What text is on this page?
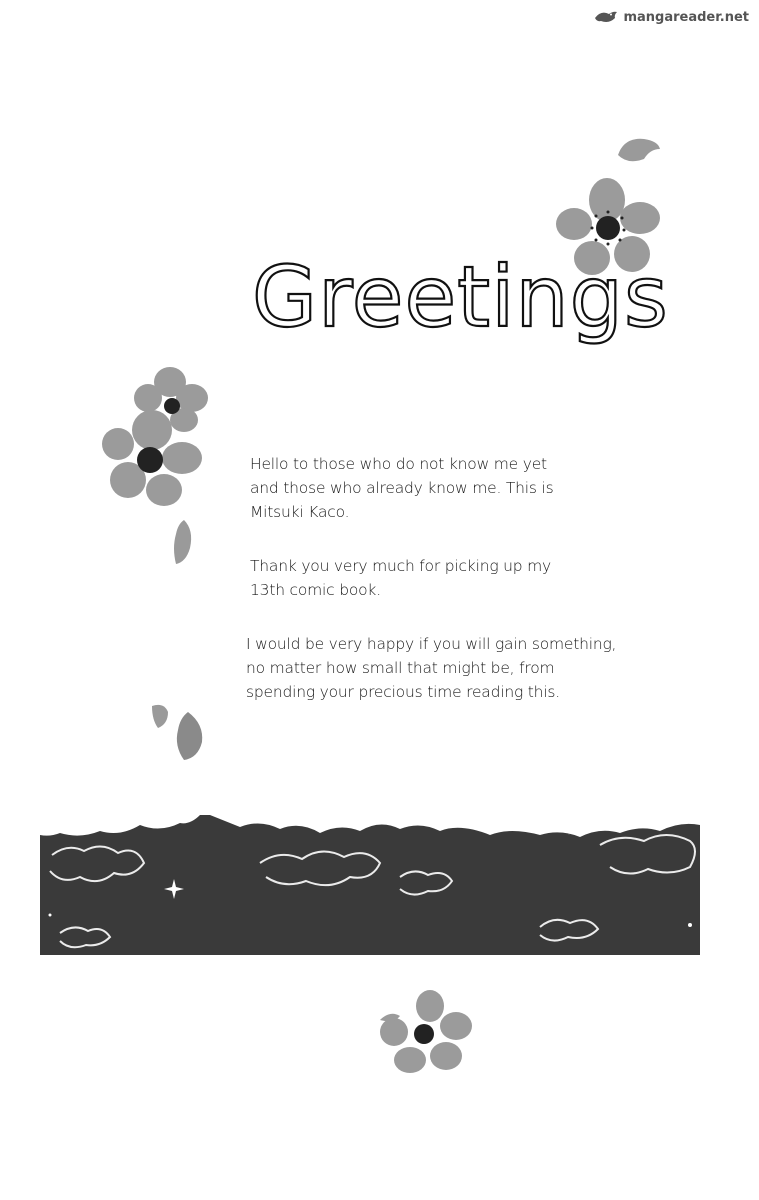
mangareader.net
Greetings

Hello to those who do not know me yet
and those who already know me. This is
Mitsuki Kaco.

Thank you very much for picking up my
13th comic book.

I would be very happy if you will gain something,
no matter how small that might be, from
spending your precious time reading this.
